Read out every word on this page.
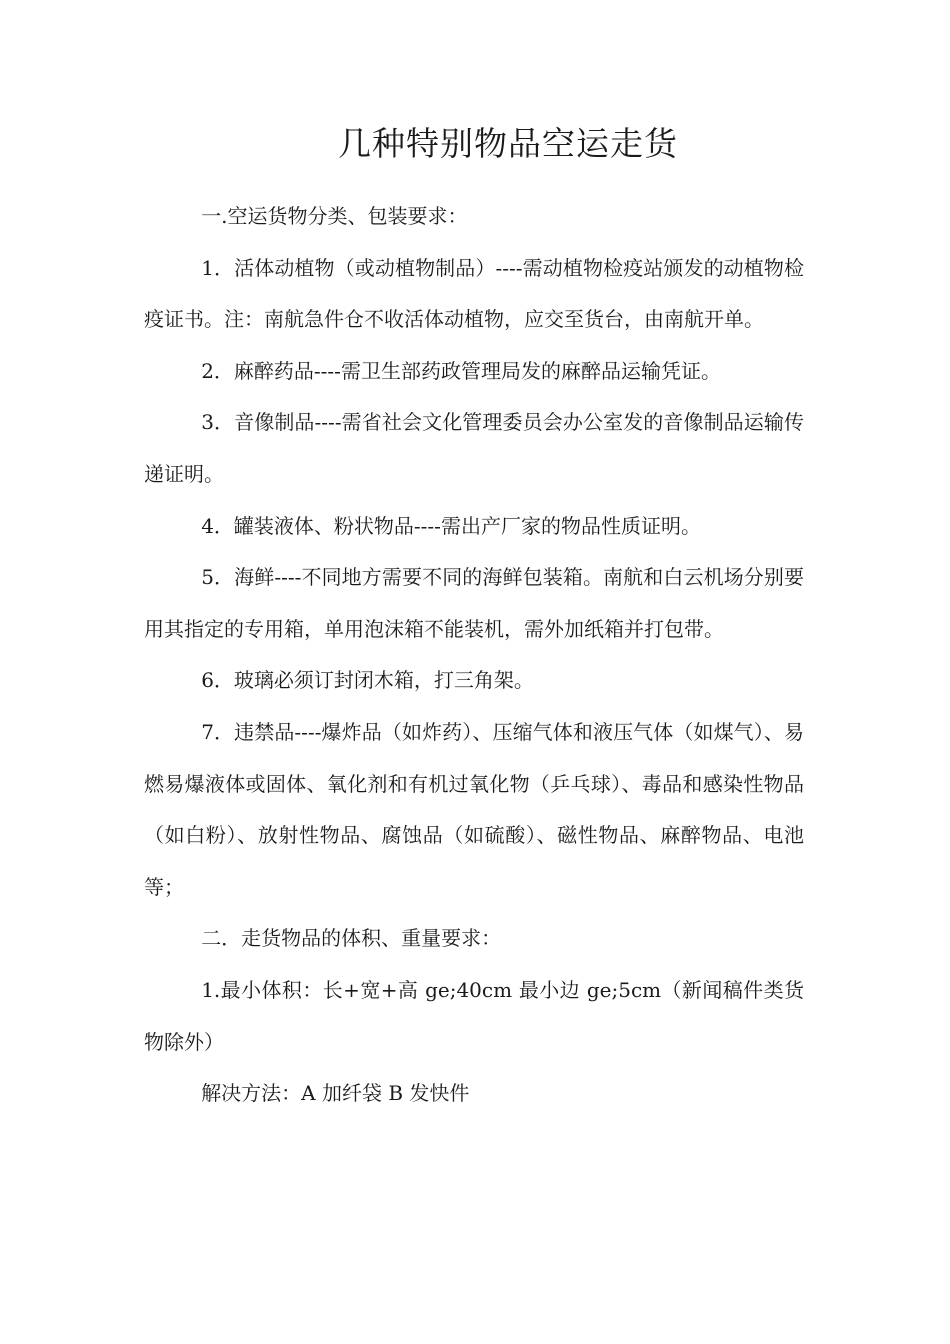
几种特别物品空运走货

一.空运货物分类、包装要求：

1．活体动植物（或动植物制品）----需动植物检疫站颁发的动植物检疫证书。注：南航急件仓不收活体动植物，应交至货台，由南航开单。

2．麻醉药品----需卫生部药政管理局发的麻醉品运输凭证。

3．音像制品----需省社会文化管理委员会办公室发的音像制品运输传递证明。

4．罐装液体、粉状物品----需出产厂家的物品性质证明。

5．海鲜----不同地方需要不同的海鲜包装箱。南航和白云机场分别要用其指定的专用箱，单用泡沫箱不能装机，需外加纸箱并打包带。

6．玻璃必须订封闭木箱，打三角架。

7．违禁品----爆炸品（如炸药）、压缩气体和液压气体（如煤气）、易燃易爆液体或固体、氧化剂和有机过氧化物（乒乓球）、毒品和感染性物品（如白粉）、放射性物品、腐蚀品（如硫酸）、磁性物品、麻醉物品、电池等；

二．走货物品的体积、重量要求：

1.最小体积：长+宽+高 ge;40cm 最小边 ge;5cm（新闻稿件类货物除外）

解决方法：A 加纤袋 B 发快件
